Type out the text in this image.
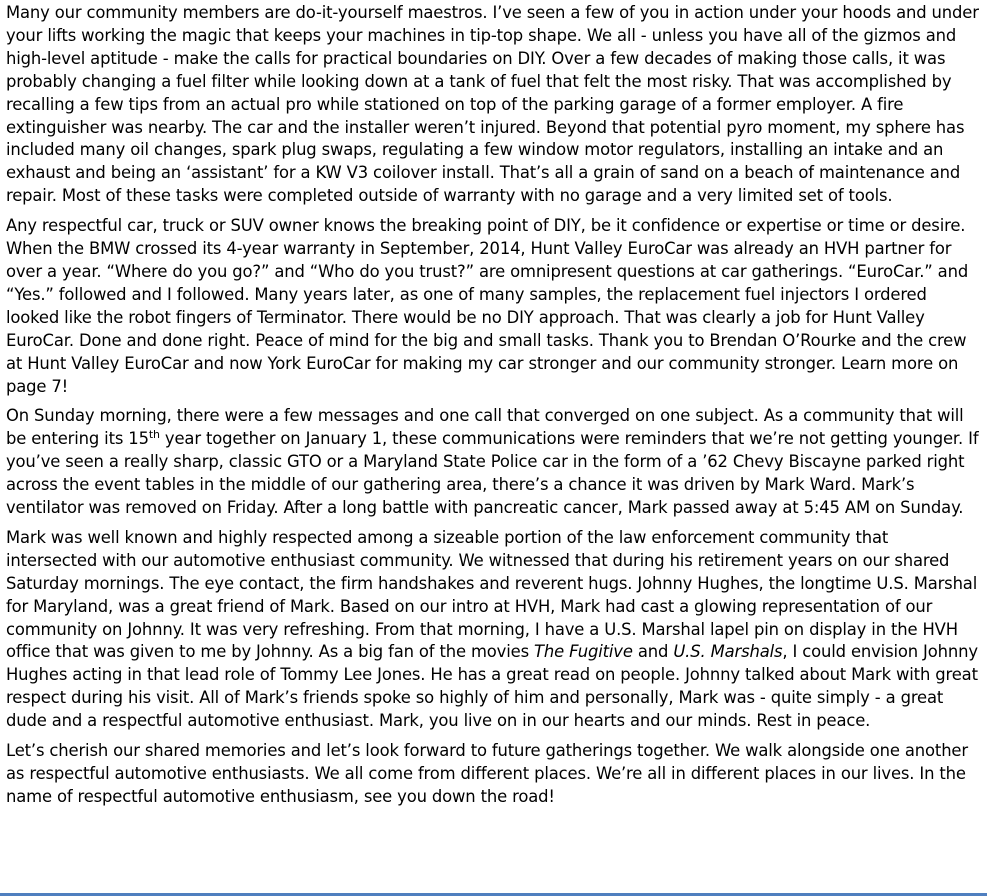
Many our community members are do-it-yourself maestros. I’ve seen a few of you in action under your hoods and under your lifts working the magic that keeps your machines in tip-top shape. We all - unless you have all of the gizmos and high-level aptitude - make the calls for practical boundaries on DIY. Over a few decades of making those calls, it was probably changing a fuel filter while looking down at a tank of fuel that felt the most risky. That was accomplished by recalling a few tips from an actual pro while stationed on top of the parking garage of a former employer. A fire extinguisher was nearby. The car and the installer weren’t injured. Beyond that potential pyro moment, my sphere has included many oil changes, spark plug swaps, regulating a few window motor regulators, installing an intake and an exhaust and being an ‘assistant’ for a KW V3 coilover install. That’s all a grain of sand on a beach of maintenance and repair. Most of these tasks were completed outside of warranty with no garage and a very limited set of tools.

Any respectful car, truck or SUV owner knows the breaking point of DIY, be it confidence or expertise or time or desire. When the BMW crossed its 4-year warranty in September, 2014, Hunt Valley EuroCar was already an HVH partner for over a year. “Where do you go?” and “Who do you trust?” are omnipresent questions at car gatherings. “EuroCar.” and “Yes.” followed and I followed. Many years later, as one of many samples, the replacement fuel injectors I ordered looked like the robot fingers of Terminator. There would be no DIY approach. That was clearly a job for Hunt Valley EuroCar. Done and done right. Peace of mind for the big and small tasks. Thank you to Brendan O’Rourke and the crew at Hunt Valley EuroCar and now York EuroCar for making my car stronger and our community stronger. Learn more on page 7!

On Sunday morning, there were a few messages and one call that converged on one subject. As a community that will be entering its 15th year together on January 1, these communications were reminders that we’re not getting younger. If you’ve seen a really sharp, classic GTO or a Maryland State Police car in the form of a ’62 Chevy Biscayne parked right across the event tables in the middle of our gathering area, there’s a chance it was driven by Mark Ward. Mark’s ventilator was removed on Friday. After a long battle with pancreatic cancer, Mark passed away at 5:45 AM on Sunday.

Mark was well known and highly respected among a sizeable portion of the law enforcement community that intersected with our automotive enthusiast community. We witnessed that during his retirement years on our shared Saturday mornings. The eye contact, the firm handshakes and reverent hugs. Johnny Hughes, the longtime U.S. Marshal for Maryland, was a great friend of Mark. Based on our intro at HVH, Mark had cast a glowing representation of our community on Johnny. It was very refreshing. From that morning, I have a U.S. Marshal lapel pin on display in the HVH office that was given to me by Johnny. As a big fan of the movies The Fugitive and U.S. Marshals, I could envision Johnny Hughes acting in that lead role of Tommy Lee Jones. He has a great read on people. Johnny talked about Mark with great respect during his visit. All of Mark’s friends spoke so highly of him and personally, Mark was - quite simply - a great dude and a respectful automotive enthusiast. Mark, you live on in our hearts and our minds. Rest in peace.

Let’s cherish our shared memories and let’s look forward to future gatherings together. We walk alongside one another as respectful automotive enthusiasts. We all come from different places. We’re all in different places in our lives. In the name of respectful automotive enthusiasm, see you down the road!
